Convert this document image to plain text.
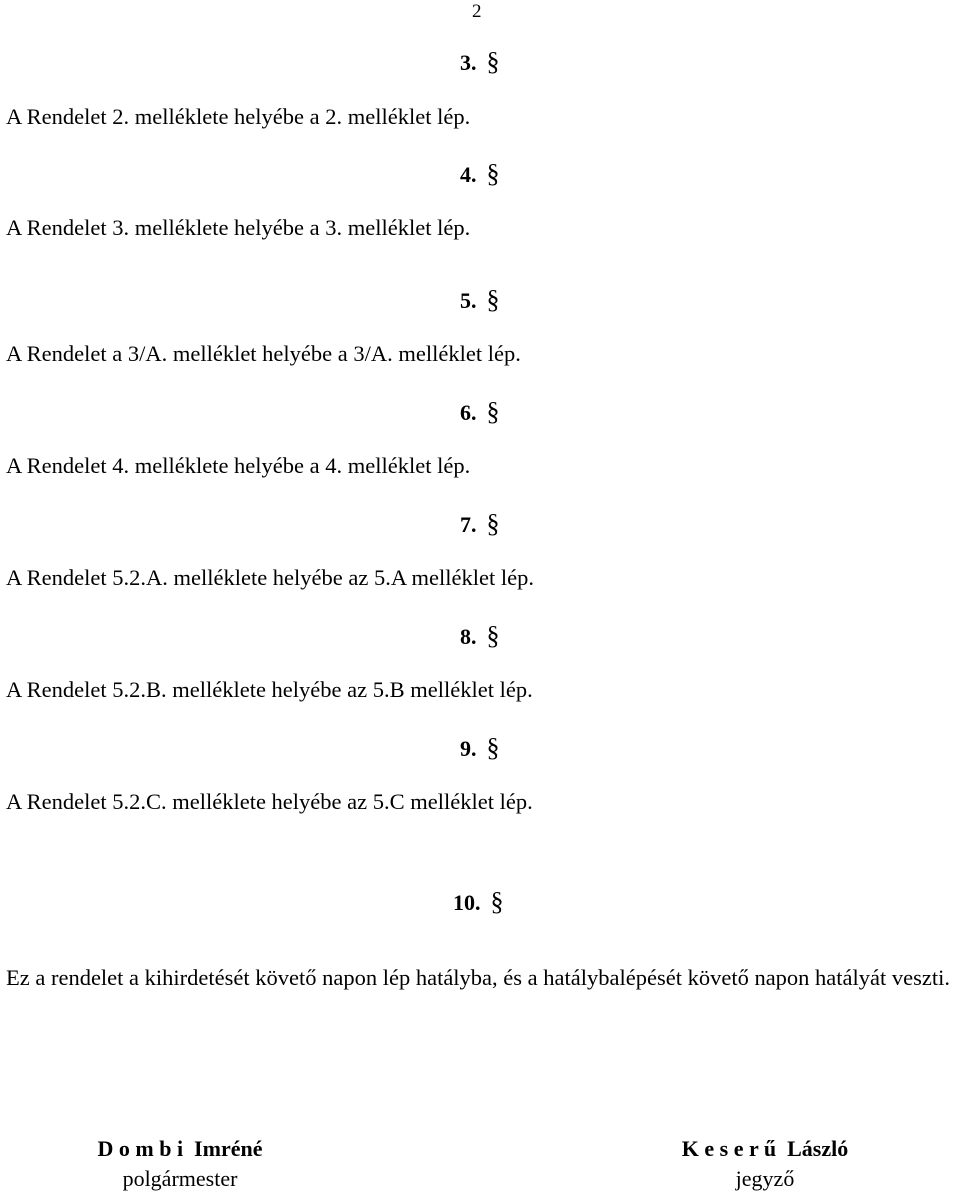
2
3. §
A Rendelet 2. melléklete helyébe a 2. melléklet lép.
4. §
A Rendelet 3. melléklete helyébe a 3. melléklet lép.
5. §
A Rendelet a 3/A. melléklet helyébe a 3/A. melléklet lép.
6. §
A Rendelet 4. melléklete helyébe a 4. melléklet lép.
7. §
A Rendelet 5.2.A. melléklete helyébe az 5.A melléklet lép.
8. §
A Rendelet 5.2.B. melléklete helyébe az 5.B melléklet lép.
9. §
A Rendelet 5.2.C. melléklete helyébe az 5.C melléklet lép.
10. §
Ez a rendelet a kihirdetését követő napon lép hatályba, és a hatálybalépését követő napon hatályát veszti.
D o m b i  Imréné
polgármester
K e s e r ű  László
jegyző
